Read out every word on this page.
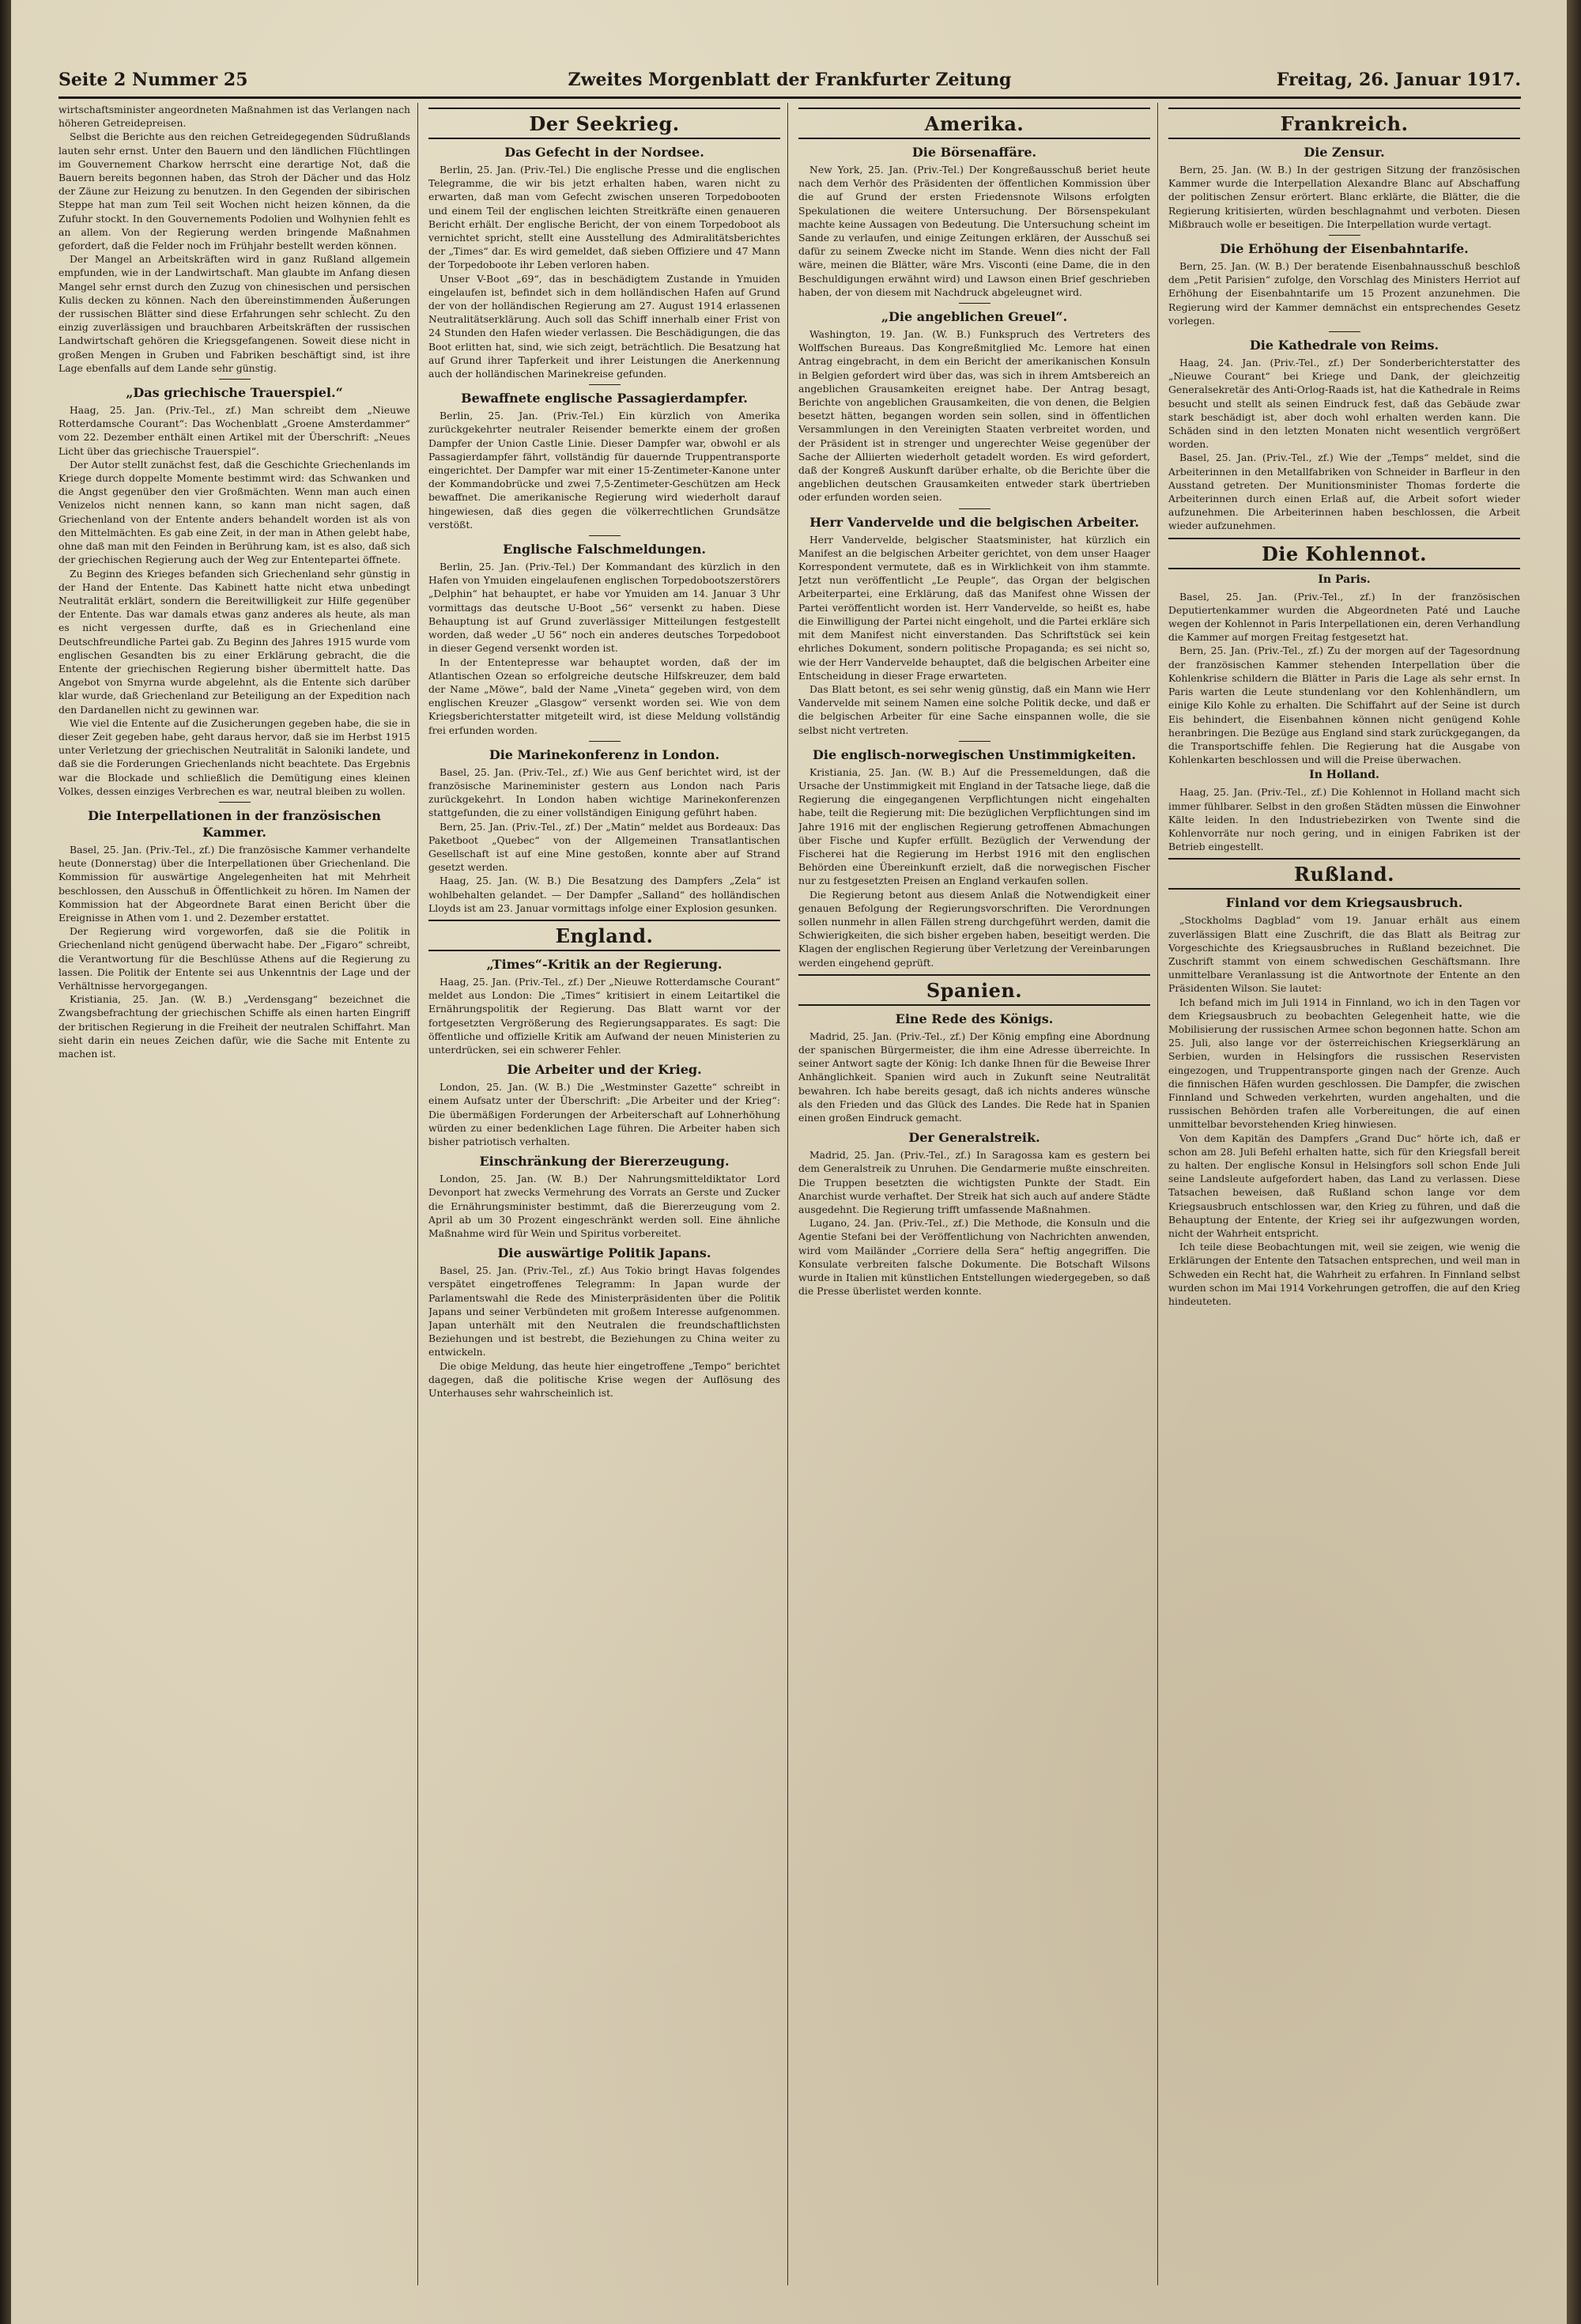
Seite 2 Nummer 25	Zweites Morgenblatt der Frankfurter Zeitung	Freitag, 26. Januar 1917.

wirtschaftsminister angeordneten Maßnahmen ist das Verlangen nach höheren Getreidepreisen.

Selbst die Berichte aus den reichen Getreidegegenden Südrußlands lauten sehr ernst. Unter den Bauern und den ländlichen Flüchtlingen im Gouvernement Charkow herrscht eine derartige Not, daß die Bauern bereits begonnen haben, das Stroh der Dächer und das Holz der Zäune zur Heizung zu benutzen. In den Gegenden der sibirischen Steppe hat man zum Teil seit Wochen nicht heizen können, da die Zufuhr stockt. In den Gouvernements Podolien und Wolhynien fehlt es an allem. Von der Regierung werden bringende Maßnahmen gefordert, daß die Felder noch im Frühjahr bestellt werden können.

Der Mangel an Arbeitskräften wird in ganz Rußland allgemein empfunden, wie in der Landwirtschaft. Man glaubte im Anfang diesen Mangel sehr ernst durch den Zuzug von chinesischen und persischen Kulis decken zu können. Nach den übereinstimmenden Äußerungen der russischen Blätter sind diese Erfahrungen sehr schlecht. Zu den einzig zuverlässigen und brauchbaren Arbeitskräften der russischen Landwirtschaft gehören die Kriegsgefangenen. Soweit diese nicht in großen Mengen in Gruben und Fabriken beschäftigt sind, ist ihre Lage ebenfalls auf dem Lande sehr günstig.

„Das griechische Trauerspiel.“

Haag, 25. Jan. (Priv.-Tel., zf.) Man schreibt dem „Nieuwe Rotterdamsche Courant“: Das Wochenblatt „Groene Amsterdammer“ vom 22. Dezember enthält einen Artikel mit der Überschrift: „Neues Licht über das griechische Trauerspiel“.

Der Autor stellt zunächst fest, daß die Geschichte Griechenlands im Kriege durch doppelte Momente bestimmt wird: das Schwanken und die Angst gegenüber den vier Großmächten. Wenn man auch einen Venizelos nicht nennen kann, so kann man nicht sagen, daß Griechenland von der Entente anders behandelt worden ist als von den Mittelmächten. Es gab eine Zeit, in der man in Athen gelebt habe, ohne daß man mit den Feinden in Berührung kam, ist es also, daß sich der griechischen Regierung auch der Weg zur Ententepartei öffnete.

Zu Beginn des Krieges befanden sich Griechenland sehr günstig in der Hand der Entente. Das Kabinett hatte nicht etwa unbedingt Neutralität erklärt, sondern die Bereitwilligkeit zur Hilfe gegenüber der Entente. Das war damals etwas ganz anderes als heute, als man es nicht vergessen durfte, daß es in Griechenland eine Deutschfreundliche Partei gab. Zu Beginn des Jahres 1915 wurde vom englischen Gesandten bis zu einer Erklärung gebracht, die die Entente der griechischen Regierung bisher übermittelt hatte. Das Angebot von Smyrna wurde abgelehnt, als die Entente sich darüber klar wurde, daß Griechenland zur Beteiligung an der Expedition nach den Dardanellen nicht zu gewinnen war.

Wie viel die Entente auf die Zusicherungen gegeben habe, die sie in dieser Zeit gegeben habe, geht daraus hervor, daß sie im Herbst 1915 unter Verletzung der griechischen Neutralität in Saloniki landete, und daß sie die Forderungen Griechenlands nicht beachtete. Das Ergebnis war die Blockade und schließlich die Demütigung eines kleinen Volkes, dessen einziges Verbrechen es war, neutral bleiben zu wollen.

Die Interpellationen in der französischen Kammer.

Basel, 25. Jan. (Priv.-Tel., zf.) Die französische Kammer verhandelte heute (Donnerstag) über die Interpellationen über Griechenland. Die Kommission für auswärtige Angelegenheiten hat mit Mehrheit beschlossen, den Ausschuß in Öffentlichkeit zu hören. Im Namen der Kommission hat der Abgeordnete Barat einen Bericht über die Ereignisse in Athen vom 1. und 2. Dezember erstattet.

Der Regierung wird vorgeworfen, daß sie die Politik in Griechenland nicht genügend überwacht habe. Der „Figaro“ schreibt, die Verantwortung für die Beschlüsse Athens auf die Regierung zu lassen. Die Politik der Entente sei aus Unkenntnis der Lage und der Verhältnisse hervorgegangen.

Kristiania, 25. Jan. (W. B.) „Verdensgang“ bezeichnet die Zwangsbefrachtung der griechischen Schiffe als einen harten Eingriff der britischen Regierung in die Freiheit der neutralen Schiffahrt. Man sieht darin ein neues Zeichen dafür, wie die Sache mit Entente zu machen ist.

Der Seekrieg.
Das Gefecht in der Nordsee.

Berlin, 25. Jan. (Priv.-Tel.) Die englische Presse und die englischen Telegramme, die wir bis jetzt erhalten haben, waren nicht zu erwarten, daß man vom Gefecht zwischen unseren Torpedobooten und einem Teil der englischen leichten Streitkräfte einen genaueren Bericht erhält. Der englische Bericht, der von einem Torpedoboot als vernichtet spricht, stellt eine Ausstellung des Admiralitätsberichtes der „Times“ dar. Es wird gemeldet, daß sieben Offiziere und 47 Mann der Torpedoboote ihr Leben verloren haben.

Unser V-Boot „69“, das in beschädigtem Zustande in Ymuiden eingelaufen ist, befindet sich in dem holländischen Hafen auf Grund der von der holländischen Regierung am 27. August 1914 erlassenen Neutralitätserklärung. Auch soll das Schiff innerhalb einer Frist von 24 Stunden den Hafen wieder verlassen. Die Beschädigungen, die das Boot erlitten hat, sind, wie sich zeigt, beträchtlich. Die Besatzung hat auf Grund ihrer Tapferkeit und ihrer Leistungen die Anerkennung auch der holländischen Marinekreise gefunden.

Bewaffnete englische Passagierdampfer.

Berlin, 25. Jan. (Priv.-Tel.) Ein kürzlich von Amerika zurückgekehrter neutraler Reisender bemerkte einem der großen Dampfer der Union Castle Linie. Dieser Dampfer war, obwohl er als Passagierdampfer fährt, vollständig für dauernde Truppentransporte eingerichtet. Der Dampfer war mit einer 15-Zentimeter-Kanone unter der Kommandobrücke und zwei 7,5-Zentimeter-Geschützen am Heck bewaffnet. Die amerikanische Regierung wird wiederholt darauf hingewiesen, daß dies gegen die völkerrechtlichen Grundsätze verstößt.

Englische Falschmeldungen.

Berlin, 25. Jan. (Priv.-Tel.) Der Kommandant des kürzlich in den Hafen von Ymuiden eingelaufenen englischen Torpedobootszerstörers „Delphin“ hat behauptet, er habe vor Ymuiden am 14. Januar 3 Uhr vormittags das deutsche U-Boot „56“ versenkt zu haben. Diese Behauptung ist auf Grund zuverlässiger Mitteilungen festgestellt worden, daß weder „U 56“ noch ein anderes deutsches Torpedoboot in dieser Gegend versenkt worden ist.

In der Ententepresse war behauptet worden, daß der im Atlantischen Ozean so erfolgreiche deutsche Hilfskreuzer, dem bald der Name „Möwe“, bald der Name „Vineta“ gegeben wird, von dem englischen Kreuzer „Glasgow“ versenkt worden sei. Wie von dem Kriegsberichterstatter mitgeteilt wird, ist diese Meldung vollständig frei erfunden worden.

Die Marinekonferenz in London.

Basel, 25. Jan. (Priv.-Tel., zf.) Wie aus Genf berichtet wird, ist der französische Marineminister gestern aus London nach Paris zurückgekehrt. In London haben wichtige Marinekonferenzen stattgefunden, die zu einer vollständigen Einigung geführt haben.

Bern, 25. Jan. (Priv.-Tel., zf.) Der „Matin“ meldet aus Bordeaux: Das Paketboot „Quebec“ von der Allgemeinen Transatlantischen Gesellschaft ist auf eine Mine gestoßen, konnte aber auf Strand gesetzt werden.

Haag, 25. Jan. (W. B.) Die Besatzung des Dampfers „Zela“ ist wohlbehalten gelandet. — Der Dampfer „Salland“ des holländischen Lloyds ist am 23. Januar vormittags infolge einer Explosion gesunken.

England.
„Times“-Kritik an der Regierung.

Haag, 25. Jan. (Priv.-Tel., zf.) Der „Nieuwe Rotterdamsche Courant“ meldet aus London: Die „Times“ kritisiert in einem Leitartikel die Ernährungspolitik der Regierung. Das Blatt warnt vor der fortgesetzten Vergrößerung des Regierungsapparates. Es sagt: Die öffentliche und offizielle Kritik am Aufwand der neuen Ministerien zu unterdrücken, sei ein schwerer Fehler.

Die Arbeiter und der Krieg.

London, 25. Jan. (W. B.) Die „Westminster Gazette“ schreibt in einem Aufsatz unter der Überschrift: „Die Arbeiter und der Krieg“: Die übermäßigen Forderungen der Arbeiterschaft auf Lohnerhöhung würden zu einer bedenklichen Lage führen. Die Arbeiter haben sich bisher patriotisch verhalten.

Einschränkung der Biererzeugung.

London, 25. Jan. (W. B.) Der Nahrungsmitteldiktator Lord Devonport hat zwecks Vermehrung des Vorrats an Gerste und Zucker die Ernährungsminister bestimmt, daß die Biererzeugung vom 2. April ab um 30 Prozent eingeschränkt werden soll. Eine ähnliche Maßnahme wird für Wein und Spiritus vorbereitet.

Die auswärtige Politik Japans.

Basel, 25. Jan. (Priv.-Tel., zf.) Aus Tokio bringt Havas folgendes verspätet eingetroffenes Telegramm: In Japan wurde der Parlamentswahl die Rede des Ministerpräsidenten über die Politik Japans und seiner Verbündeten mit großem Interesse aufgenommen. Japan unterhält mit den Neutralen die freundschaftlichsten Beziehungen und ist bestrebt, die Beziehungen zu China weiter zu entwickeln.

Die obige Meldung, das heute hier eingetroffene „Tempo“ berichtet dagegen, daß die politische Krise wegen der Auflösung des Unterhauses sehr wahrscheinlich ist.

Amerika.
Die Börsenaffäre.

New York, 25. Jan. (Priv.-Tel.) Der Kongreßausschuß beriet heute nach dem Verhör des Präsidenten der öffentlichen Kommission über die auf Grund der ersten Friedensnote Wilsons erfolgten Spekulationen die weitere Untersuchung. Der Börsenspekulant machte keine Aussagen von Bedeutung. Die Untersuchung scheint im Sande zu verlaufen, und einige Zeitungen erklären, der Ausschuß sei dafür zu seinem Zwecke nicht im Stande. Wenn dies nicht der Fall wäre, meinen die Blätter, wäre Mrs. Visconti (eine Dame, die in den Beschuldigungen erwähnt wird) und Lawson einen Brief geschrieben haben, der von diesem mit Nachdruck abgeleugnet wird.

„Die angeblichen Greuel“.

Washington, 19. Jan. (W. B.) Funkspruch des Vertreters des Wolffschen Bureaus. Das Kongreßmitglied Mc. Lemore hat einen Antrag eingebracht, in dem ein Bericht der amerikanischen Konsuln in Belgien gefordert wird über das, was sich in ihrem Amtsbereich an angeblichen Grausamkeiten ereignet habe. Der Antrag besagt, Berichte von angeblichen Grausamkeiten, die von denen, die Belgien besetzt hätten, begangen worden sein sollen, sind in öffentlichen Versammlungen in den Vereinigten Staaten verbreitet worden, und der Präsident ist in strenger und ungerechter Weise gegenüber der Sache der Alliierten wiederholt getadelt worden. Es wird gefordert, daß der Kongreß Auskunft darüber erhalte, ob die Berichte über die angeblichen deutschen Grausamkeiten entweder stark übertrieben oder erfunden worden seien.

Herr Vandervelde und die belgischen Arbeiter.

Herr Vandervelde, belgischer Staatsminister, hat kürzlich ein Manifest an die belgischen Arbeiter gerichtet, von dem unser Haager Korrespondent vermutete, daß es in Wirklichkeit von ihm stammte. Jetzt nun veröffentlicht „Le Peuple“, das Organ der belgischen Arbeiterpartei, eine Erklärung, daß das Manifest ohne Wissen der Partei veröffentlicht worden ist. Herr Vandervelde, so heißt es, habe die Einwilligung der Partei nicht eingeholt, und die Partei erkläre sich mit dem Manifest nicht einverstanden. Das Schriftstück sei kein ehrliches Dokument, sondern politische Propaganda; es sei nicht so, wie der Herr Vandervelde behauptet, daß die belgischen Arbeiter eine Entscheidung in dieser Frage erwarteten.

Das Blatt betont, es sei sehr wenig günstig, daß ein Mann wie Herr Vandervelde mit seinem Namen eine solche Politik decke, und daß er die belgischen Arbeiter für eine Sache einspannen wolle, die sie selbst nicht vertreten.

Die englisch-norwegischen Unstimmigkeiten.

Kristiania, 25. Jan. (W. B.) Auf die Pressemeldungen, daß die Ursache der Unstimmigkeit mit England in der Tatsache liege, daß die Regierung die eingegangenen Verpflichtungen nicht eingehalten habe, teilt die Regierung mit: Die bezüglichen Verpflichtungen sind im Jahre 1916 mit der englischen Regierung getroffenen Abmachungen über Fische und Kupfer erfüllt. Bezüglich der Verwendung der Fischerei hat die Regierung im Herbst 1916 mit den englischen Behörden eine Übereinkunft erzielt, daß die norwegischen Fischer nur zu festgesetzten Preisen an England verkaufen sollen.

Die Regierung betont aus diesem Anlaß die Notwendigkeit einer genauen Befolgung der Regierungsvorschriften. Die Verordnungen sollen nunmehr in allen Fällen streng durchgeführt werden, damit die Schwierigkeiten, die sich bisher ergeben haben, beseitigt werden. Die Klagen der englischen Regierung über Verletzung der Vereinbarungen werden eingehend geprüft.

Spanien.
Eine Rede des Königs.

Madrid, 25. Jan. (Priv.-Tel., zf.) Der König empfing eine Abordnung der spanischen Bürgermeister, die ihm eine Adresse überreichte. In seiner Antwort sagte der König: Ich danke Ihnen für die Beweise Ihrer Anhänglichkeit. Spanien wird auch in Zukunft seine Neutralität bewahren. Ich habe bereits gesagt, daß ich nichts anderes wünsche als den Frieden und das Glück des Landes. Die Rede hat in Spanien einen großen Eindruck gemacht.

Der Generalstreik.

Madrid, 25. Jan. (Priv.-Tel., zf.) In Saragossa kam es gestern bei dem Generalstreik zu Unruhen. Die Gendarmerie mußte einschreiten. Die Truppen besetzten die wichtigsten Punkte der Stadt. Ein Anarchist wurde verhaftet. Der Streik hat sich auch auf andere Städte ausgedehnt. Die Regierung trifft umfassende Maßnahmen.

Lugano, 24. Jan. (Priv.-Tel., zf.) Die Methode, die Konsuln und die Agentie Stefani bei der Veröffentlichung von Nachrichten anwenden, wird vom Mailänder „Corriere della Sera“ heftig angegriffen. Die Konsulate verbreiten falsche Dokumente. Die Botschaft Wilsons wurde in Italien mit künstlichen Entstellungen wiedergegeben, so daß die Presse überlistet werden konnte.

Frankreich.
Die Zensur.

Bern, 25. Jan. (W. B.) In der gestrigen Sitzung der französischen Kammer wurde die Interpellation Alexandre Blanc auf Abschaffung der politischen Zensur erörtert. Blanc erklärte, die Blätter, die die Regierung kritisierten, würden beschlagnahmt und verboten. Diesen Mißbrauch wolle er beseitigen. Die Interpellation wurde vertagt.

Die Erhöhung der Eisenbahntarife.

Bern, 25. Jan. (W. B.) Der beratende Eisenbahnausschuß beschloß dem „Petit Parisien“ zufolge, den Vorschlag des Ministers Herriot auf Erhöhung der Eisenbahntarife um 15 Prozent anzunehmen. Die Regierung wird der Kammer demnächst ein entsprechendes Gesetz vorlegen.

Die Kathedrale von Reims.

Haag, 24. Jan. (Priv.-Tel., zf.) Der Sonderberichterstatter des „Nieuwe Courant“ bei Kriege und Dank, der gleichzeitig Generalsekretär des Anti-Orlog-Raads ist, hat die Kathedrale in Reims besucht und stellt als seinen Eindruck fest, daß das Gebäude zwar stark beschädigt ist, aber doch wohl erhalten werden kann. Die Schäden sind in den letzten Monaten nicht wesentlich vergrößert worden.

Basel, 25. Jan. (Priv.-Tel., zf.) Wie der „Temps“ meldet, sind die Arbeiterinnen in den Metallfabriken von Schneider in Barfleur in den Ausstand getreten. Der Munitionsminister Thomas forderte die Arbeiterinnen durch einen Erlaß auf, die Arbeit sofort wieder aufzunehmen. Die Arbeiterinnen haben beschlossen, die Arbeit wieder aufzunehmen.

Die Kohlennot.
In Paris.

Basel, 25. Jan. (Priv.-Tel., zf.) In der französischen Deputiertenkammer wurden die Abgeordneten Paté und Lauche wegen der Kohlennot in Paris Interpellationen ein, deren Verhandlung die Kammer auf morgen Freitag festgesetzt hat.

Bern, 25. Jan. (Priv.-Tel., zf.) Zu der morgen auf der Tagesordnung der französischen Kammer stehenden Interpellation über die Kohlenkrise schildern die Blätter in Paris die Lage als sehr ernst. In Paris warten die Leute stundenlang vor den Kohlenhändlern, um einige Kilo Kohle zu erhalten. Die Schiffahrt auf der Seine ist durch Eis behindert, die Eisenbahnen können nicht genügend Kohle heranbringen. Die Bezüge aus England sind stark zurückgegangen, da die Transportschiffe fehlen. Die Regierung hat die Ausgabe von Kohlenkarten beschlossen und will die Preise überwachen.

In Holland.

Haag, 25. Jan. (Priv.-Tel., zf.) Die Kohlennot in Holland macht sich immer fühlbarer. Selbst in den großen Städten müssen die Einwohner Kälte leiden. In den Industriebezirken von Twente sind die Kohlenvorräte nur noch gering, und in einigen Fabriken ist der Betrieb eingestellt.

Rußland.
Finland vor dem Kriegsausbruch.

„Stockholms Dagblad“ vom 19. Januar erhält aus einem zuverlässigen Blatt eine Zuschrift, die das Blatt als Beitrag zur Vorgeschichte des Kriegsausbruches in Rußland bezeichnet. Die Zuschrift stammt von einem schwedischen Geschäftsmann. Ihre unmittelbare Veranlassung ist die Antwortnote der Entente an den Präsidenten Wilson. Sie lautet:

Ich befand mich im Juli 1914 in Finnland, wo ich in den Tagen vor dem Kriegsausbruch zu beobachten Gelegenheit hatte, wie die Mobilisierung der russischen Armee schon begonnen hatte. Schon am 25. Juli, also lange vor der österreichischen Kriegserklärung an Serbien, wurden in Helsingfors die russischen Reservisten eingezogen, und Truppentransporte gingen nach der Grenze. Auch die finnischen Häfen wurden geschlossen. Die Dampfer, die zwischen Finnland und Schweden verkehrten, wurden angehalten, und die russischen Behörden trafen alle Vorbereitungen, die auf einen unmittelbar bevorstehenden Krieg hinwiesen.

Von dem Kapitän des Dampfers „Grand Duc“ hörte ich, daß er schon am 28. Juli Befehl erhalten hatte, sich für den Kriegsfall bereit zu halten. Der englische Konsul in Helsingfors soll schon Ende Juli seine Landsleute aufgefordert haben, das Land zu verlassen. Diese Tatsachen beweisen, daß Rußland schon lange vor dem Kriegsausbruch entschlossen war, den Krieg zu führen, und daß die Behauptung der Entente, der Krieg sei ihr aufgezwungen worden, nicht der Wahrheit entspricht.

Ich teile diese Beobachtungen mit, weil sie zeigen, wie wenig die Erklärungen der Entente den Tatsachen entsprechen, und weil man in Schweden ein Recht hat, die Wahrheit zu erfahren. In Finnland selbst wurden schon im Mai 1914 Vorkehrungen getroffen, die auf den Krieg hindeuteten.
